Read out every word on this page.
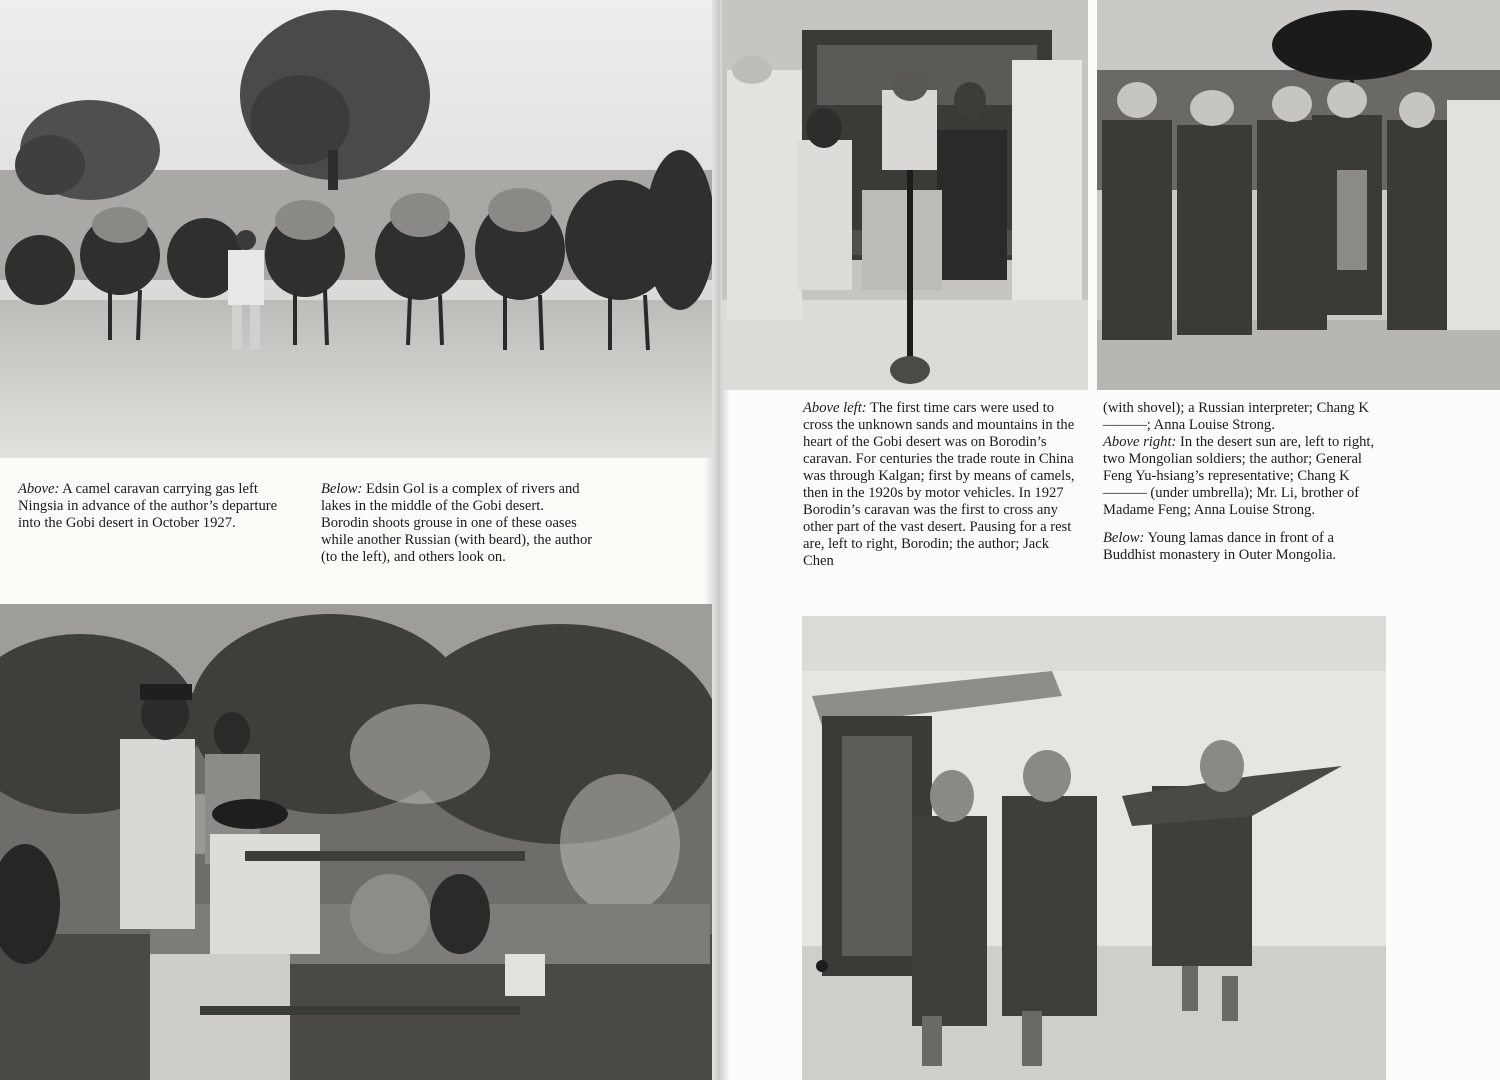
Above: A camel caravan carrying gas left Ningsia in advance of the author’s departure into the Gobi desert in October 1927.

Below: Edsin Gol is a complex of rivers and lakes in the middle of the Gobi desert. Borodin shoots grouse in one of these oases while another Russian (with beard), the author (to the left), and others look on.

Above left: The first time cars were used to cross the unknown sands and mountains in the heart of the Gobi desert was on Borodin’s caravan. For centuries the trade route in China was through Kalgan; first by means of camels, then in the 1920s by motor vehicles. In 1927 Borodin’s caravan was the first to cross any other part of the vast desert. Pausing for a rest are, left to right, Borodin; the author; Jack Chen

(with shovel); a Russian interpreter; Chang K———; Anna Louise Strong.

Above right: In the desert sun are, left to right, two Mongolian soldiers; the author; General Feng Yu-hsiang’s representative; Chang K——— (under umbrella); Mr. Li, brother of Madame Feng; Anna Louise Strong.

Below: Young lamas dance in front of a Buddhist monastery in Outer Mongolia.
